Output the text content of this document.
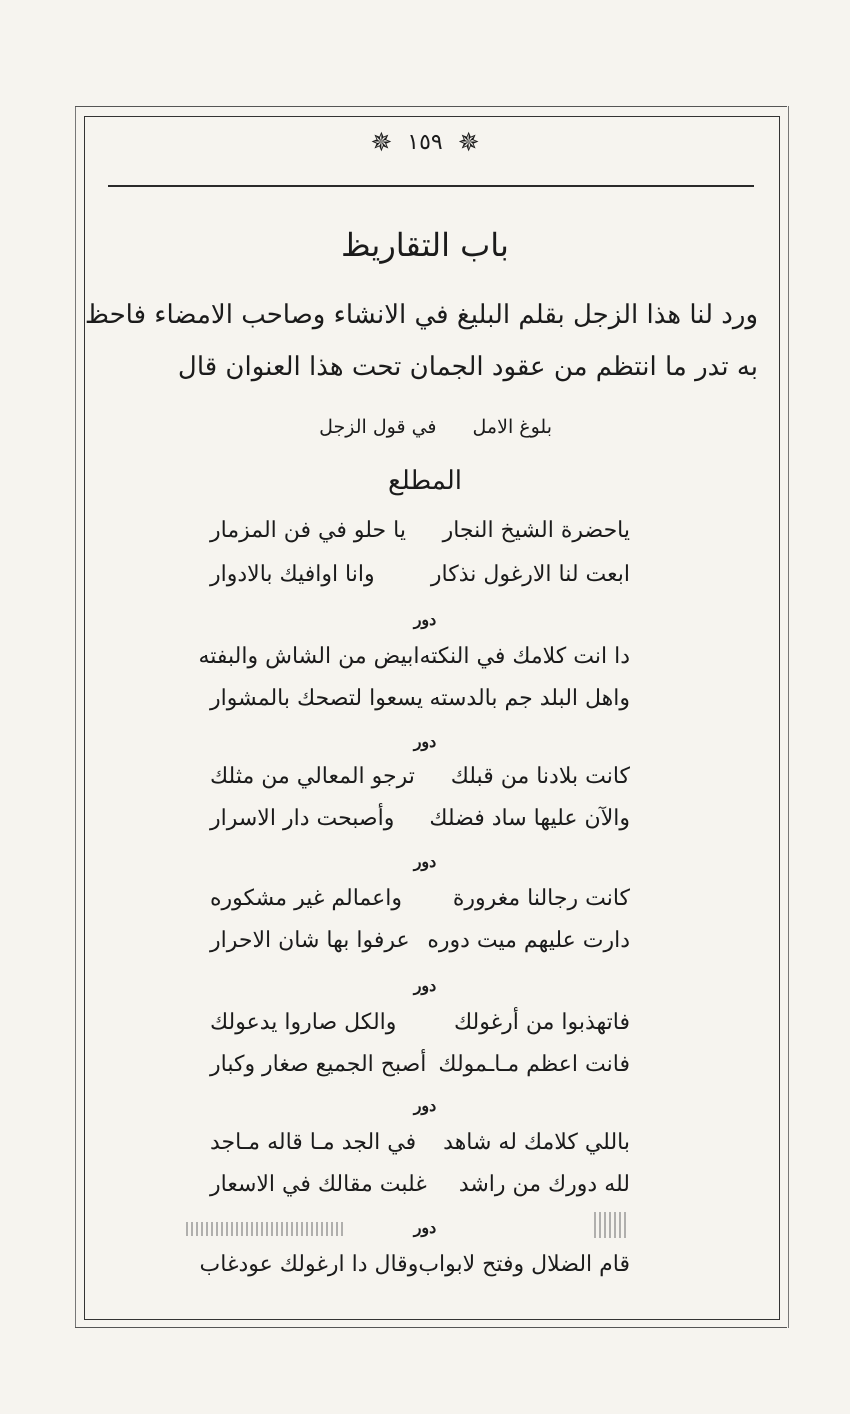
✵ ١٥٩ ✵
باب التقاريظ
ورد لنا هذا الزجل بقلم البليغ في الانشاء وصاحب الامضاء فاحظ
به تدر ما انتظم من عقود الجمان تحت هذا العنوان قال
بلوغ الامل في قول الزجل
المطلع
ياحضرة الشيخ النجار
يا حلو في فن المزمار
ابعت لنا الارغول نذكار
وانا اوافيك بالادوار
دور
دا انت كلامك في النكته
ابيض من الشاش والبفته
واهل البلد جم بالدسته
يسعوا لتصحك بالمشوار
دور
كانت بلادنا من قبلك
ترجو المعالي من مثلك
والآن عليها ساد فضلك
وأصبحت دار الاسرار
دور
كانت رجالنا مغرورة
واعمالم غير مشكوره
دارت عليهم ميت دوره
عرفوا بها شان الاحرار
دور
فاتهذبوا من أرغولك
والكل صاروا يدعولك
فانت اعظم مـاـمولك
أصبح الجميع صغار وكبار
دور
باللي كلامك له شاهد
في الجد مـا قاله مـاجد
لله دورك من راشد
غلبت مقالك في الاسعار
دور
قام الضلال وفتح لابواب
وقال دا ارغولك عودغاب
